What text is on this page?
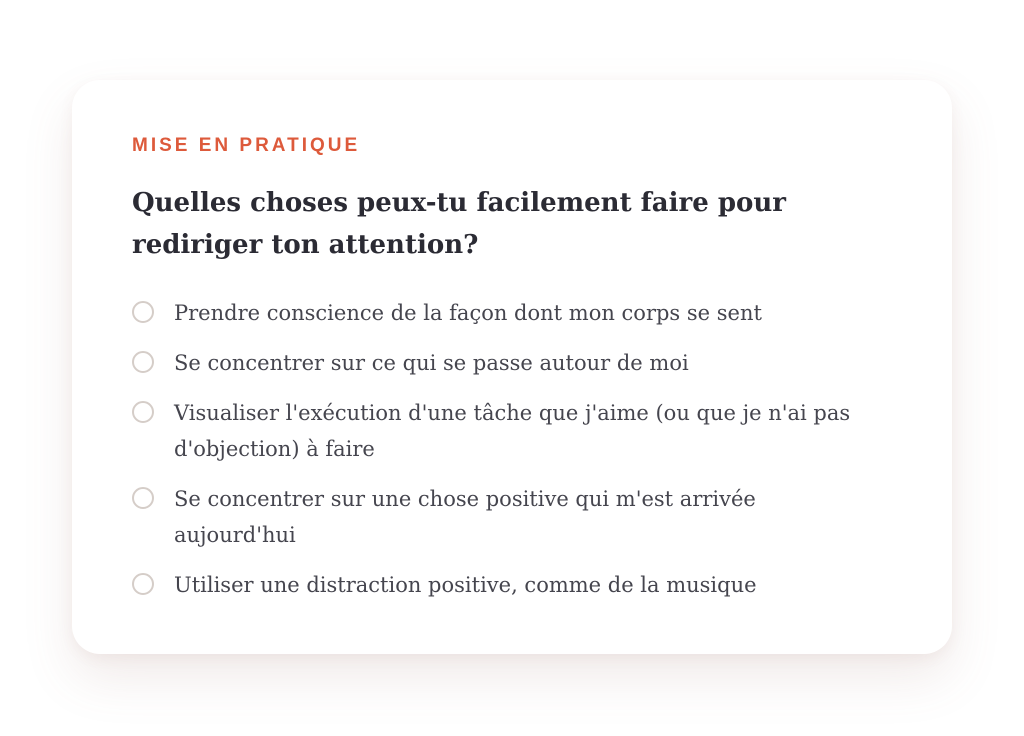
MISE EN PRATIQUE

Quelles choses peux-tu facilement faire pour rediriger ton attention?
Prendre conscience de la façon dont mon corps se sent
Se concentrer sur ce qui se passe autour de moi
Visualiser l'exécution d'une tâche que j'aime (ou que je n'ai pas d'objection) à faire
Se concentrer sur une chose positive qui m'est arrivée aujourd'hui
Utiliser une distraction positive, comme de la musique
